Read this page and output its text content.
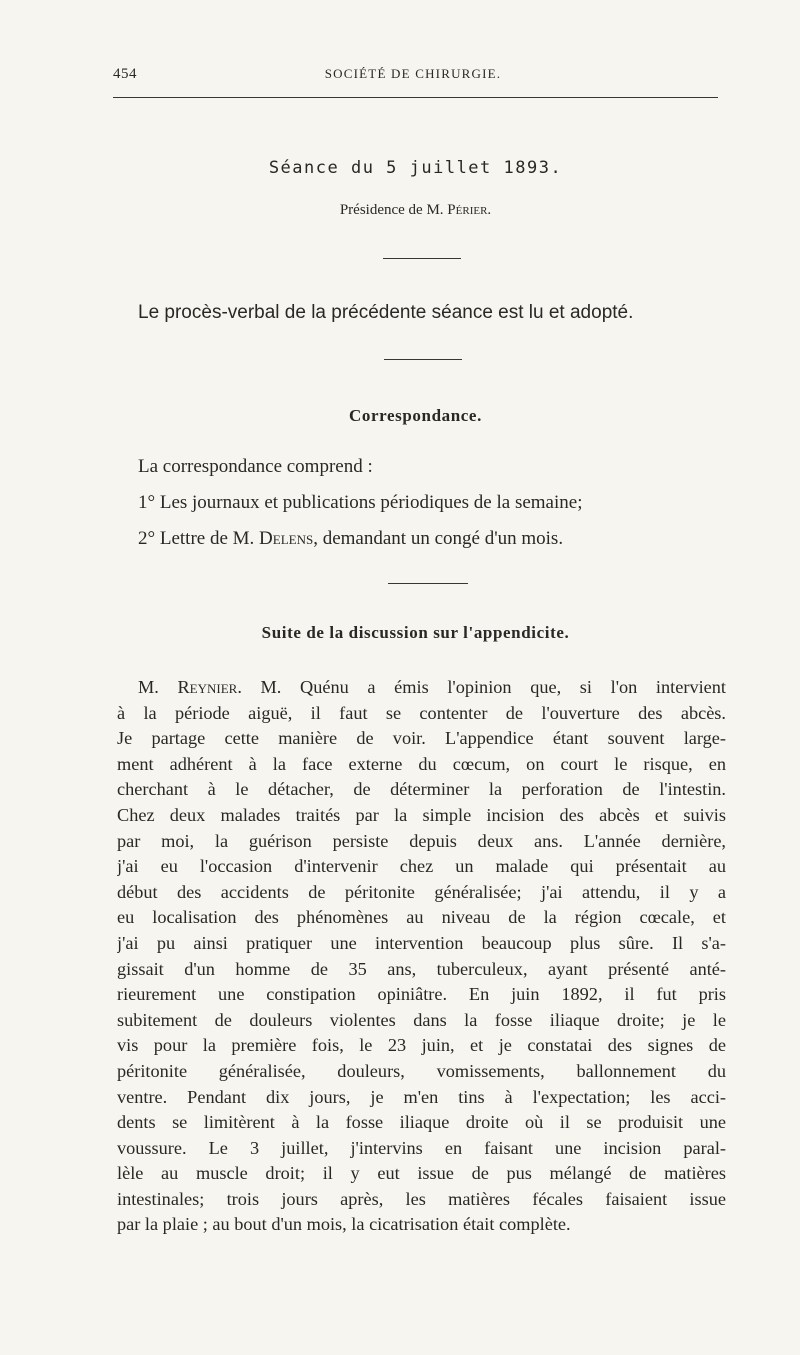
454	SOCIÉTÉ DE CHIRURGIE.
Séance du 5 juillet 1893.
Présidence de M. Périer.
Le procès-verbal de la précédente séance est lu et adopté.
Correspondance.
La correspondance comprend :
1° Les journaux et publications périodiques de la semaine;
2° Lettre de M. Delens, demandant un congé d'un mois.
Suite de la discussion sur l'appendicite.
M. Reynier. M. Quénu a émis l'opinion que, si l'on intervient
à la période aiguë, il faut se contenter de l'ouverture des abcès.
Je partage cette manière de voir. L'appendice étant souvent large-
ment adhérent à la face externe du cœcum, on court le risque, en
cherchant à le détacher, de déterminer la perforation de l'intestin.
Chez deux malades traités par la simple incision des abcès et suivis
par moi, la guérison persiste depuis deux ans. L'année dernière,
j'ai eu l'occasion d'intervenir chez un malade qui présentait au
début des accidents de péritonite généralisée; j'ai attendu, il y a
eu localisation des phénomènes au niveau de la région cœcale, et
j'ai pu ainsi pratiquer une intervention beaucoup plus sûre. Il s'a-
gissait d'un homme de 35 ans, tuberculeux, ayant présenté anté-
rieurement une constipation opiniâtre. En juin 1892, il fut pris
subitement de douleurs violentes dans la fosse iliaque droite; je le
vis pour la première fois, le 23 juin, et je constatai des signes de
péritonite généralisée, douleurs, vomissements, ballonnement du
ventre. Pendant dix jours, je m'en tins à l'expectation; les acci-
dents se limitèrent à la fosse iliaque droite où il se produisit une
voussure. Le 3 juillet, j'intervins en faisant une incision paral-
lèle au muscle droit; il y eut issue de pus mélangé de matières
intestinales; trois jours après, les matières fécales faisaient issue
par la plaie ; au bout d'un mois, la cicatrisation était complète.
